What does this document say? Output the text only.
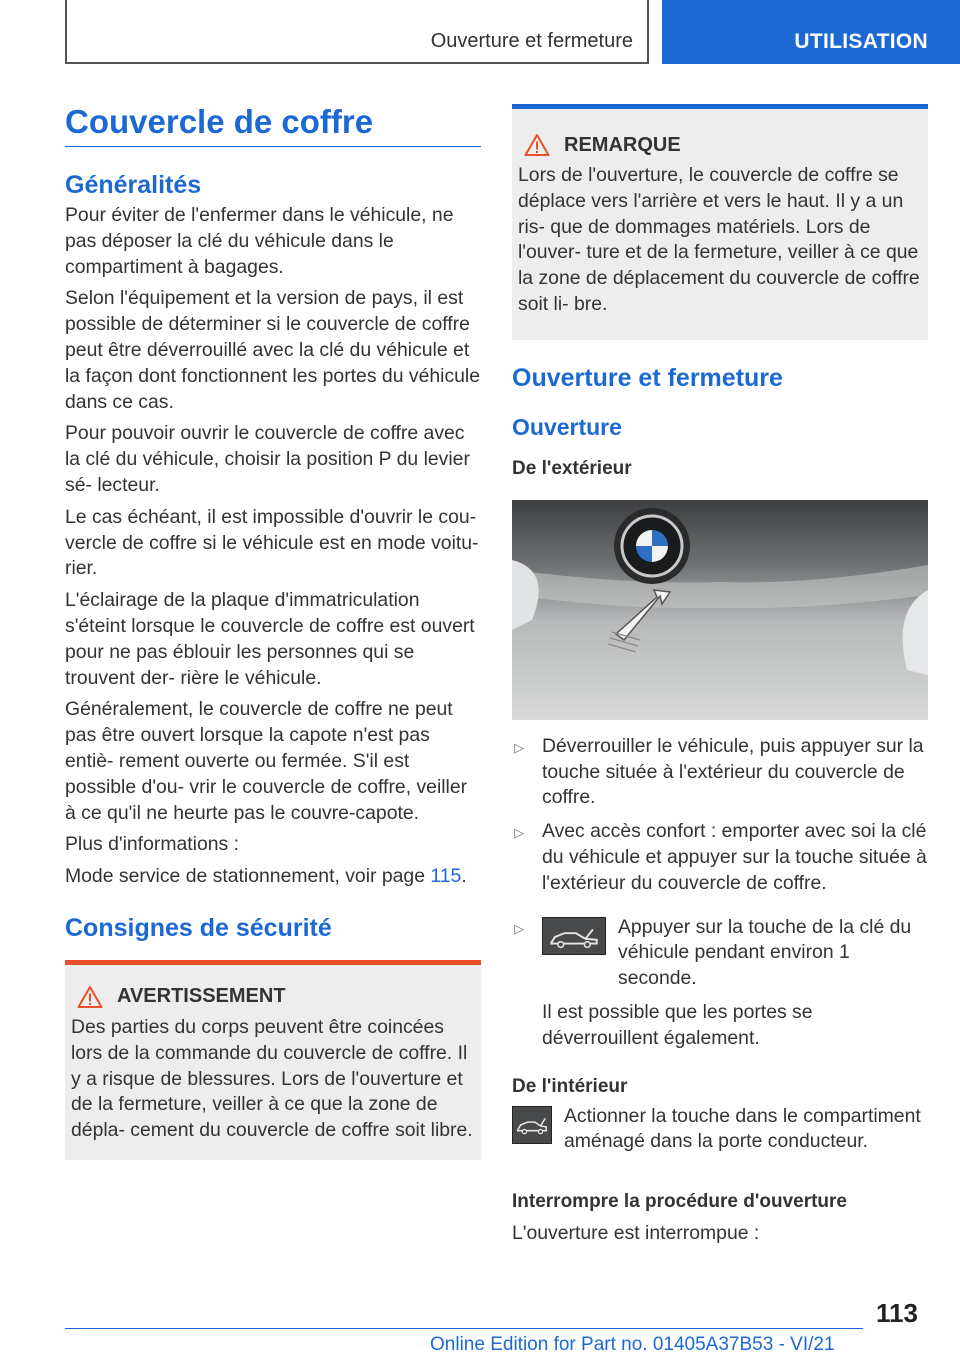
Ouverture et fermeture	UTILISATION
Couvercle de coffre
Généralités

Pour éviter de l'enfermer dans le véhicule, ne pas déposer la clé du véhicule dans le compartiment à bagages.

Selon l'équipement et la version de pays, il est possible de déterminer si le couvercle de coffre peut être déverrouillé avec la clé du véhicule et la façon dont fonctionnent les portes du véhicule dans ce cas.

Pour pouvoir ouvrir le couvercle de coffre avec la clé du véhicule, choisir la position P du levier sé‐ lecteur.

Le cas échéant, il est impossible d'ouvrir le cou‐ vercle de coffre si le véhicule est en mode voitu‐ rier.

L'éclairage de la plaque d'immatriculation s'éteint lorsque le couvercle de coffre est ouvert pour ne pas éblouir les personnes qui se trouvent der‐ rière le véhicule.

Généralement, le couvercle de coffre ne peut pas être ouvert lorsque la capote n'est pas entiè‐ rement ouverte ou fermée. S'il est possible d'ou‐ vrir le couvercle de coffre, veiller à ce qu'il ne heurte pas le couvre-capote.

Plus d'informations :

Mode service de stationnement, voir page 115.

Consignes de sécurité
AVERTISSEMENT

Des parties du corps peuvent être coincées lors de la commande du couvercle de coffre. Il y a risque de blessures. Lors de l'ouverture et de la fermeture, veiller à ce que la zone de dépla‐ cement du couvercle de coffre soit libre.

REMARQUE

Lors de l'ouverture, le couvercle de coffre se déplace vers l'arrière et vers le haut. Il y a un ris‐ que de dommages matériels. Lors de l'ouver‐ ture et de la fermeture, veiller à ce que la zone de déplacement du couvercle de coffre soit li‐ bre.

Ouverture et fermeture
Ouverture
De l'extérieur
▷ Déverrouiller le véhicule, puis appuyer sur la touche située à l'extérieur du couvercle de coffre.
▷ Avec accès confort : emporter avec soi la clé du véhicule et appuyer sur la touche située à l'extérieur du couvercle de coffre.
▷	Appuyer sur la touche de la clé du véhicule pendant environ 1 seconde.

Il est possible que les portes se déverrouillent également.

De l'intérieur
Actionner la touche dans le compartiment aménagé dans la porte conducteur.
Interrompre la procédure d'ouverture

L'ouverture est interrompue :

113
Online Edition for Part no. 01405A37B53 - VI/21
